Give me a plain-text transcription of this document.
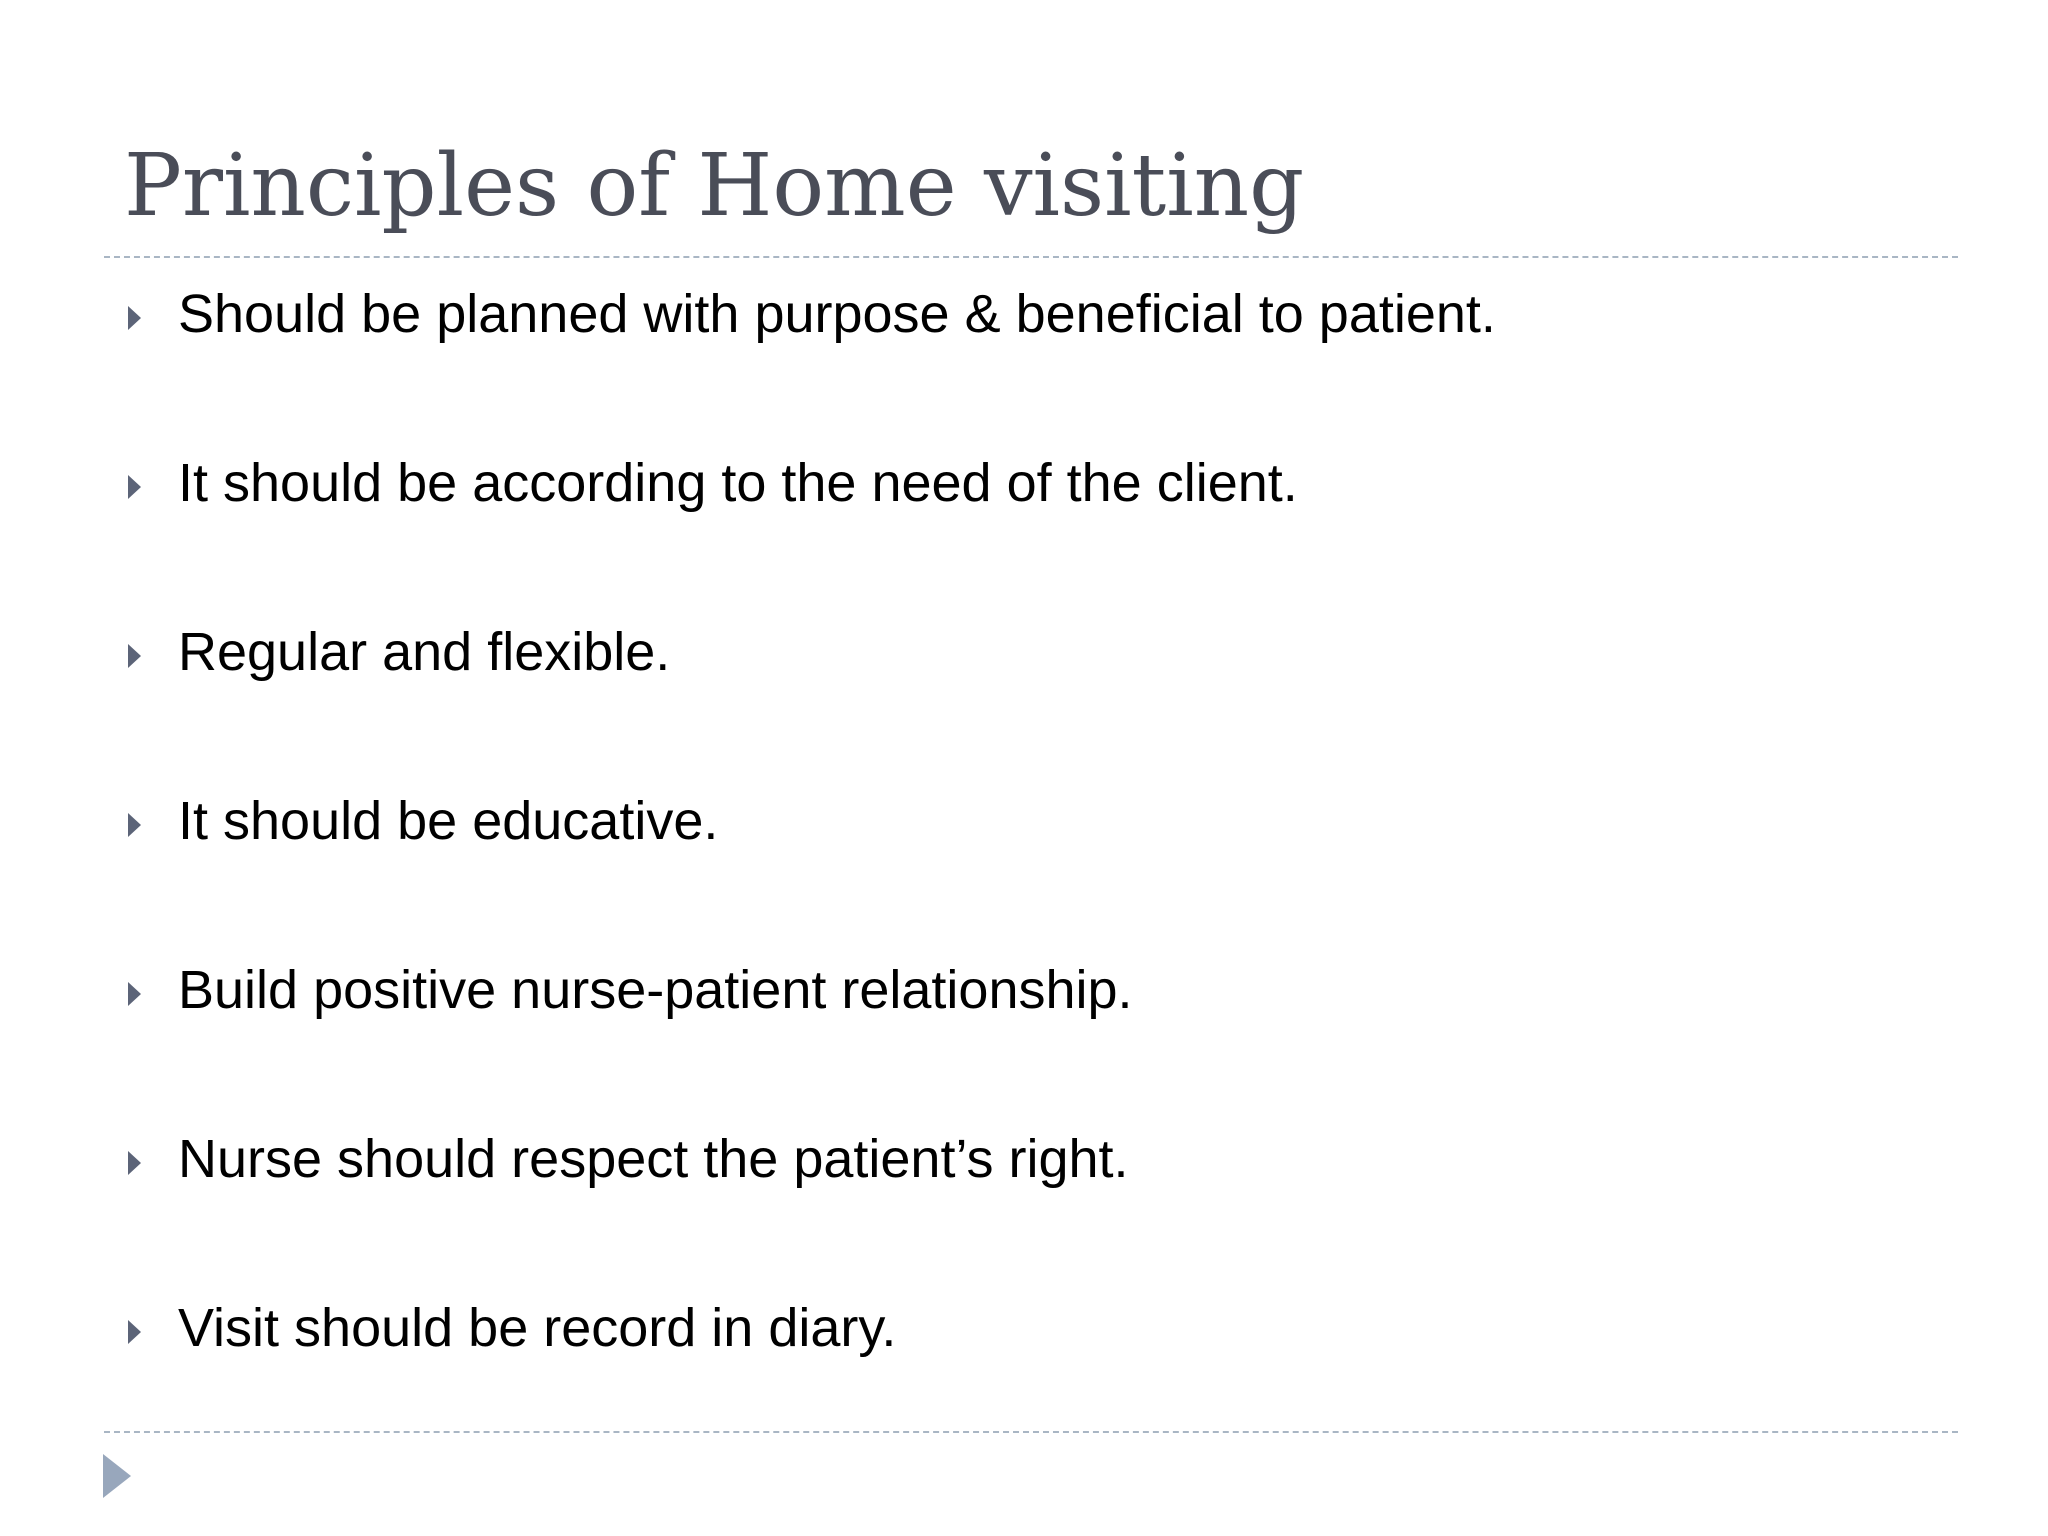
Principles of Home visiting
Should be planned with purpose & beneficial to patient.
It should be according to the need of the client.
Regular and flexible.
It should be educative.
Build positive nurse-patient relationship.
Nurse should respect the patient’s right.
Visit should be record in diary.
